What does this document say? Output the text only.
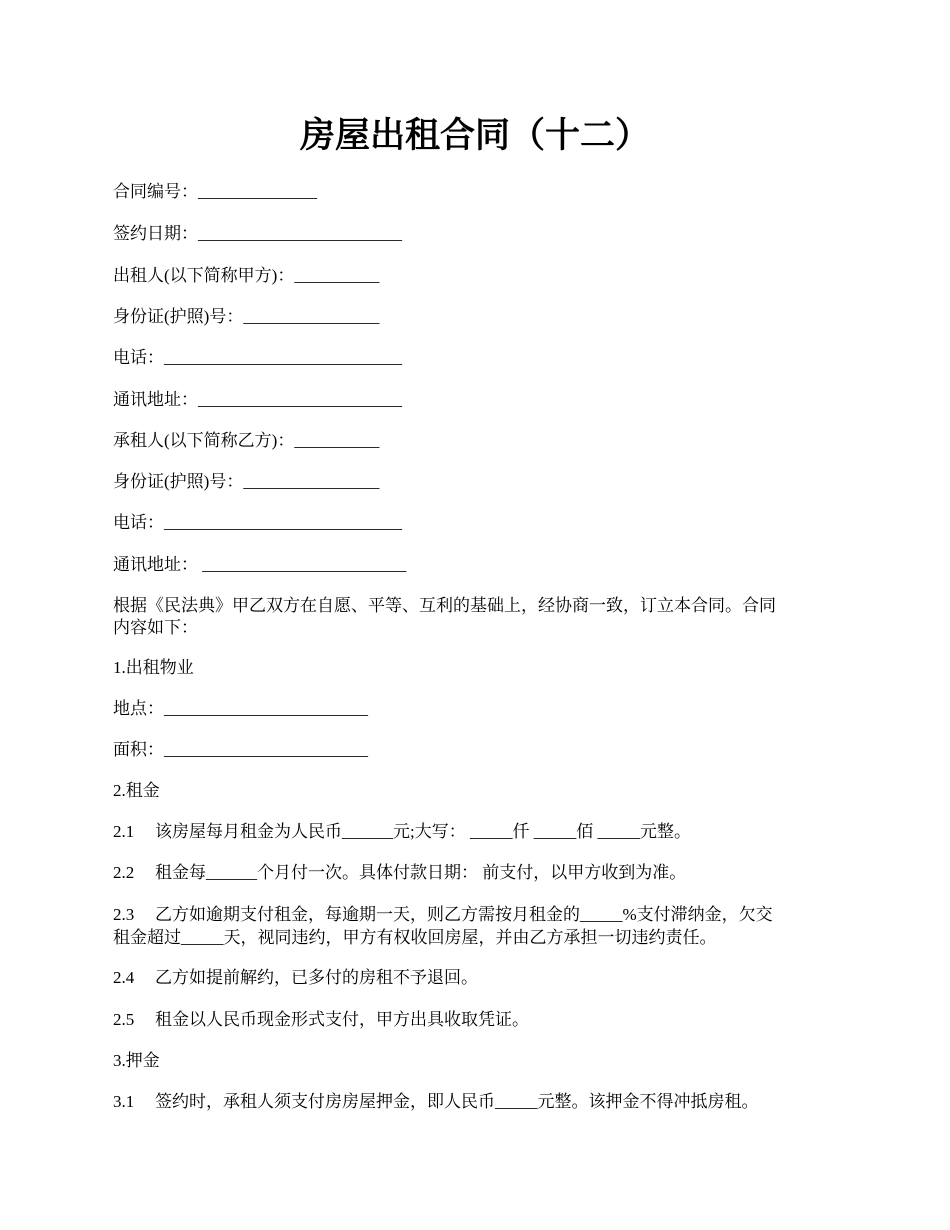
房屋出租合同（十二）

合同编号：______________

签约日期：________________________

出租人(以下简称甲方)：__________

身份证(护照)号：________________

电话：____________________________

通讯地址：________________________

承租人(以下简称乙方)：__________

身份证(护照)号：________________

电话：____________________________

通讯地址： ________________________

根据《民法典》甲乙双方在自愿、平等、互利的基础上，经协商一致，订立本合同。合同

内容如下：

1.出租物业

地点：________________________

面积：________________________

2.租金

2.1 该房屋每月租金为人民币______元;大写： _____仟 _____佰 _____元整。

2.2 租金每______个月付一次。具体付款日期： 前支付，以甲方收到为准。

2.3 乙方如逾期支付租金，每逾期一天，则乙方需按月租金的_____%支付滞纳金，欠交

租金超过_____天，视同违约，甲方有权收回房屋，并由乙方承担一切违约责任。

2.4 乙方如提前解约，已多付的房租不予退回。

2.5 租金以人民币现金形式支付，甲方出具收取凭证。

3.押金

3.1 签约时，承租人须支付房房屋押金，即人民币_____元整。该押金不得冲抵房租。
